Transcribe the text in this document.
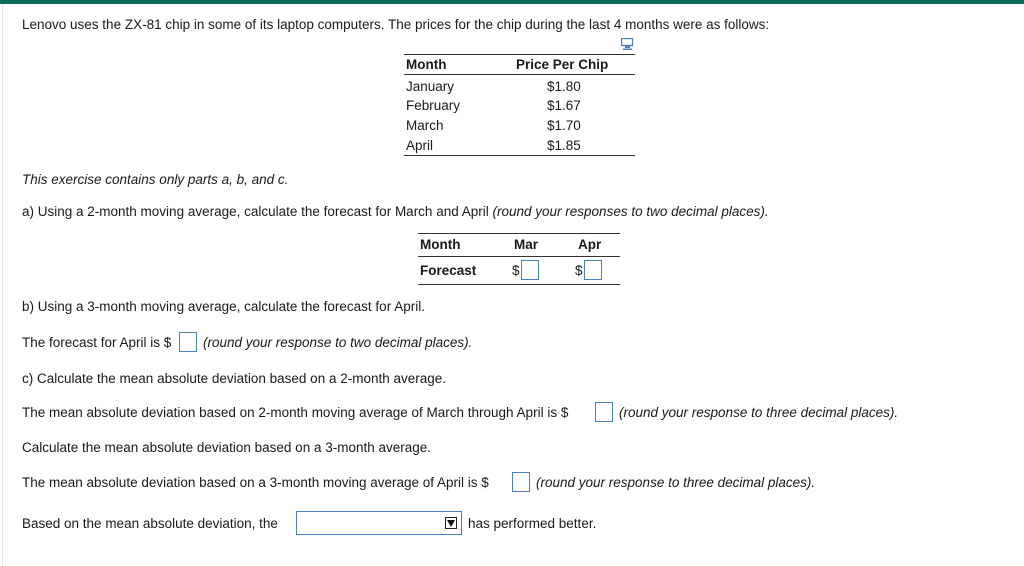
Lenovo uses the ZX-81 chip in some of its laptop computers. The prices for the chip during the last 4 months were as follows:
Month	Price Per Chip
January	$1.80
February	$1.67
March	$1.70
April	$1.85
This exercise contains only parts a, b, and c.
a) Using a 2-month moving average, calculate the forecast for March and April (round your responses to two decimal places).
Month	Mar	Apr
Forecast	$	$
b) Using a 3-month moving average, calculate the forecast for April.
The forecast for April is $ (round your response to two decimal places).
c) Calculate the mean absolute deviation based on a 2-month average.
The mean absolute deviation based on 2-month moving average of March through April is $	(round your response to three decimal places).
Calculate the mean absolute deviation based on a 3-month average.
The mean absolute deviation based on a 3-month moving average of April is $	(round your response to three decimal places).
Based on the mean absolute deviation, the	has performed better.
